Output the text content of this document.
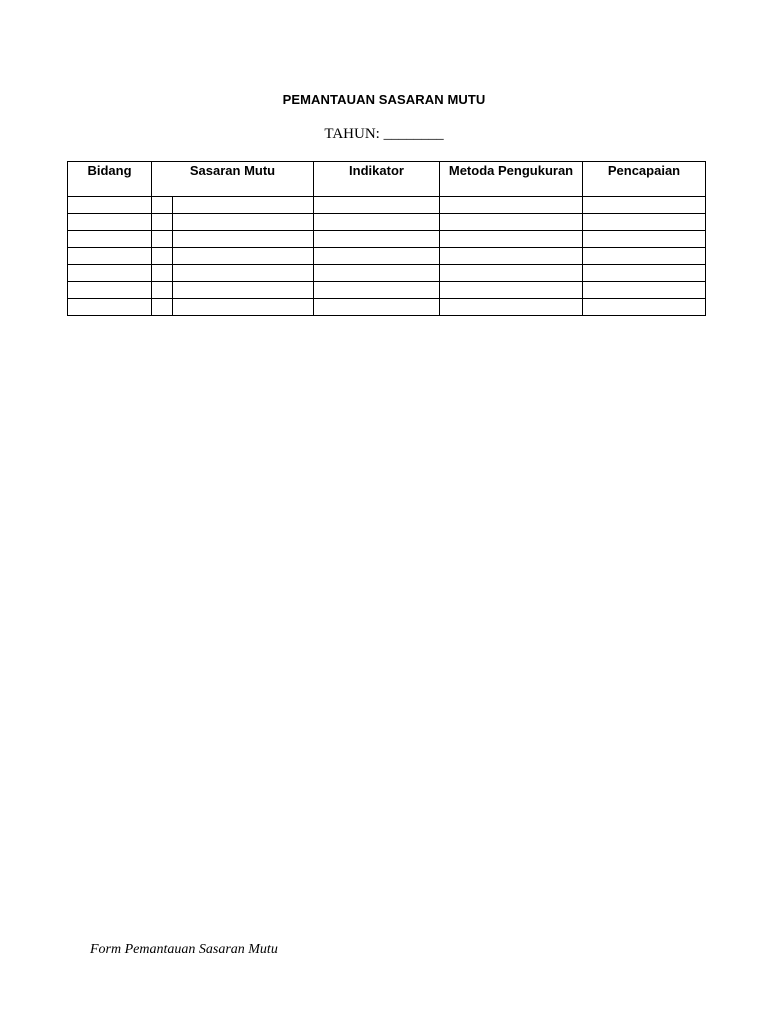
PEMANTAUAN SASARAN MUTU
TAHUN: ________
Bidang	Sasaran Mutu		Indikator	Metoda Pengukuran	Pencapaian

Form Pemantauan Sasaran Mutu
